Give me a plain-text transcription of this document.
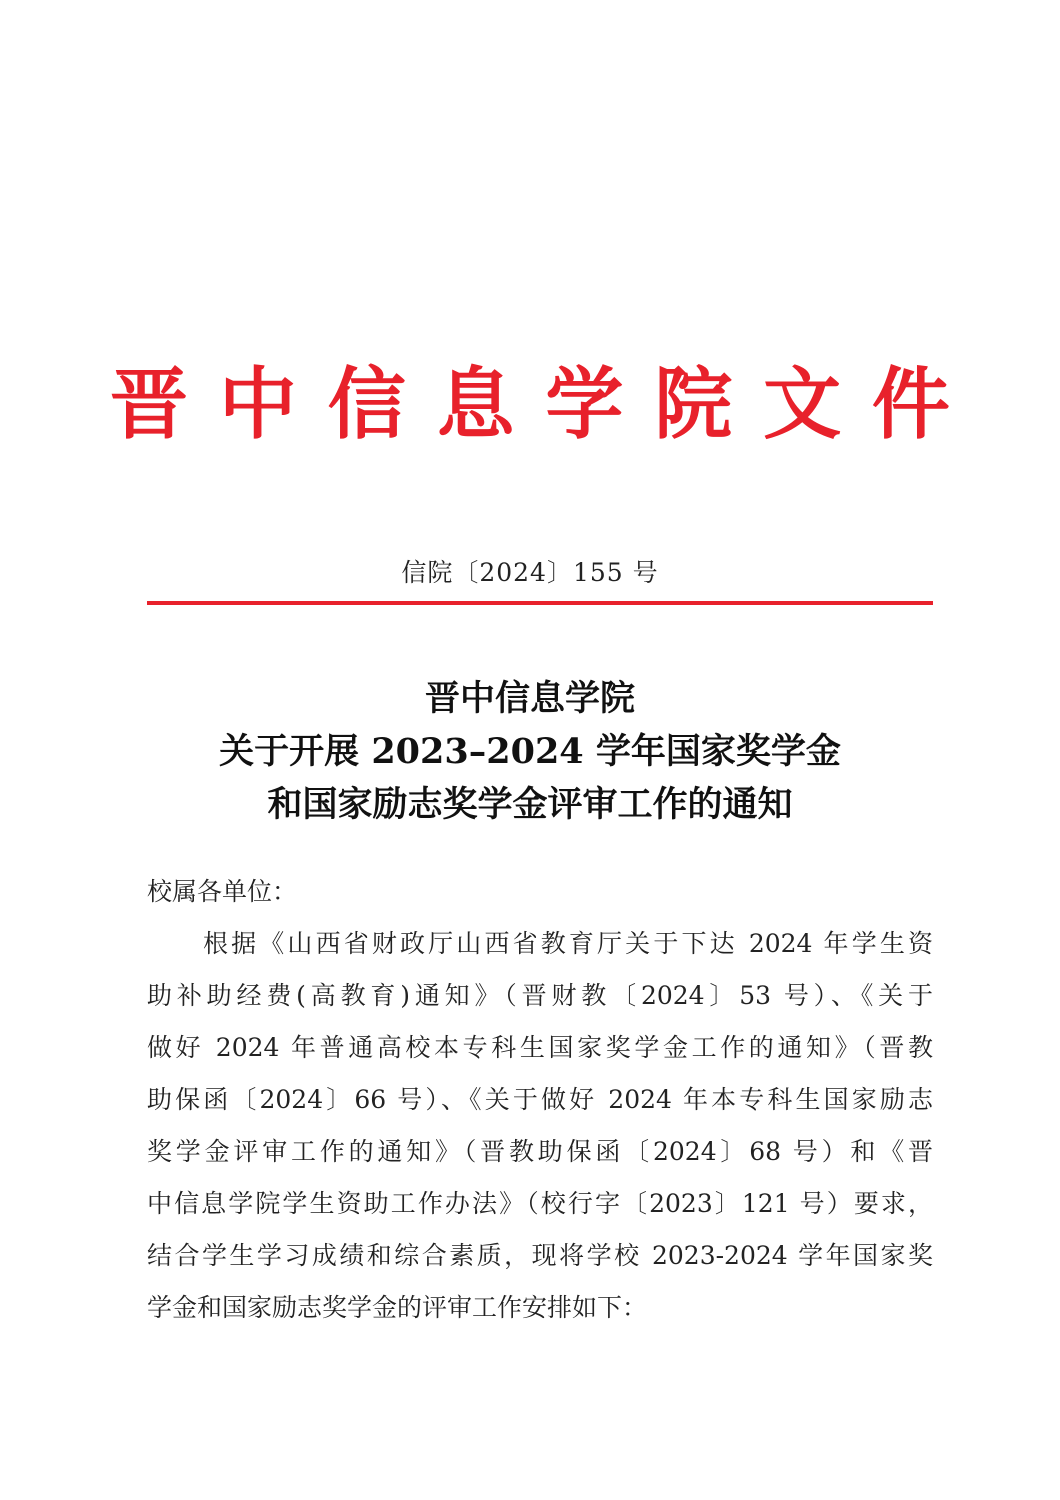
晋 中 信 息 学 院 文 件
信院〔2024〕155 号
晋中信息学院
关于开展 2023–2024 学年国家奖学金
和国家励志奖学金评审工作的通知
校属各单位：
根据《山西省财政厅山西省教育厅关于下达 2024 年学生资
助补助经费(高教育)通知》（晋财教〔2024〕53 号）、《关于
做好 2024 年普通高校本专科生国家奖学金工作的通知》（晋教
助保函〔2024〕66 号）、《关于做好 2024 年本专科生国家励志
奖学金评审工作的通知》（晋教助保函〔2024〕68 号）和《晋
中信息学院学生资助工作办法》（校行字〔2023〕121 号）要求，
结合学生学习成绩和综合素质，现将学校 2023-2024 学年国家奖
学金和国家励志奖学金的评审工作安排如下：
